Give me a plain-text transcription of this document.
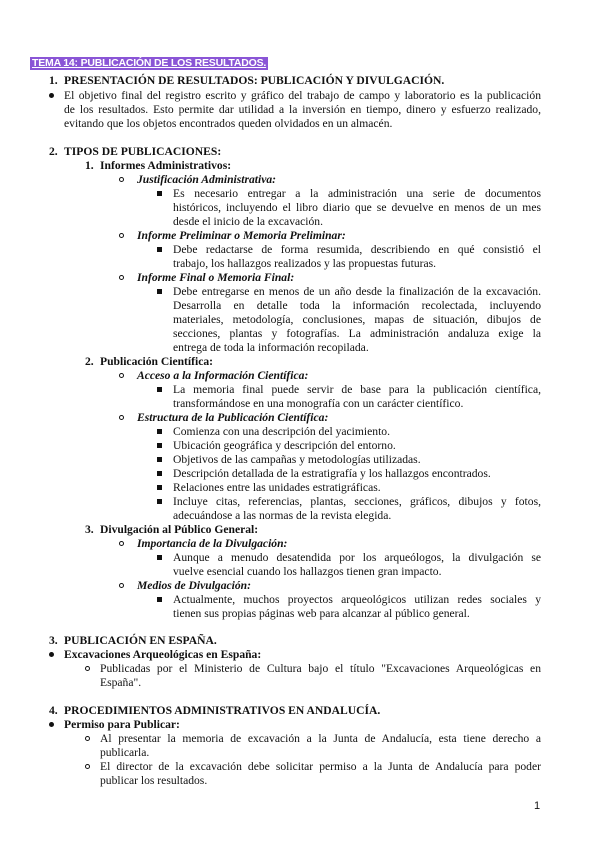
TEMA 14: PUBLICACIÓN DE LOS RESULTADOS.
1. PRESENTACIÓN DE RESULTADOS: PUBLICACIÓN Y DIVULGACIÓN.
El objetivo final del registro escrito y gráfico del trabajo de campo y laboratorio es la publicación
de los resultados. Esto permite dar utilidad a la inversión en tiempo, dinero y esfuerzo realizado,
evitando que los objetos encontrados queden olvidados en un almacén.
2. TIPOS DE PUBLICACIONES:
1. Informes Administrativos:
Justificación Administrativa:
Es necesario entregar a la administración una serie de documentos
históricos, incluyendo el libro diario que se devuelve en menos de un mes
desde el inicio de la excavación.
Informe Preliminar o Memoria Preliminar:
Debe redactarse de forma resumida, describiendo en qué consistió el
trabajo, los hallazgos realizados y las propuestas futuras.
Informe Final o Memoria Final:
Debe entregarse en menos de un año desde la finalización de la excavación.
Desarrolla en detalle toda la información recolectada, incluyendo
materiales, metodología, conclusiones, mapas de situación, dibujos de
secciones, plantas y fotografías. La administración andaluza exige la
entrega de toda la información recopilada.
2. Publicación Científica:
Acceso a la Información Científica:
La memoria final puede servir de base para la publicación científica,
transformándose en una monografía con un carácter científico.
Estructura de la Publicación Científica:
Comienza con una descripción del yacimiento.
Ubicación geográfica y descripción del entorno.
Objetivos de las campañas y metodologías utilizadas.
Descripción detallada de la estratigrafía y los hallazgos encontrados.
Relaciones entre las unidades estratigráficas.
Incluye citas, referencias, plantas, secciones, gráficos, dibujos y fotos,
adecuándose a las normas de la revista elegida.
3. Divulgación al Público General:
Importancia de la Divulgación:
Aunque a menudo desatendida por los arqueólogos, la divulgación se
vuelve esencial cuando los hallazgos tienen gran impacto.
Medios de Divulgación:
Actualmente, muchos proyectos arqueológicos utilizan redes sociales y
tienen sus propias páginas web para alcanzar al público general.
3. PUBLICACIÓN EN ESPAÑA.
Excavaciones Arqueológicas en España:
Publicadas por el Ministerio de Cultura bajo el título "Excavaciones Arqueológicas en
España".
4. PROCEDIMIENTOS ADMINISTRATIVOS EN ANDALUCÍA.
Permiso para Publicar:
Al presentar la memoria de excavación a la Junta de Andalucía, esta tiene derecho a
publicarla.
El director de la excavación debe solicitar permiso a la Junta de Andalucía para poder
publicar los resultados.
1
